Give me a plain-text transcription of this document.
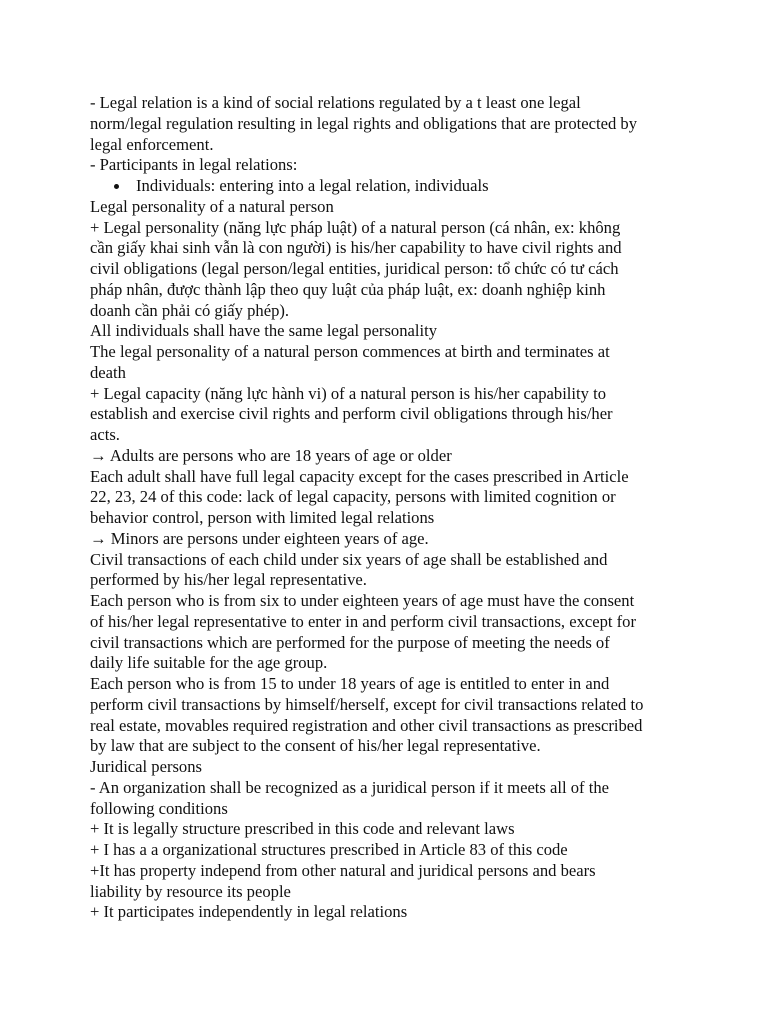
- Legal relation is a kind of social relations regulated by a t least one legal

norm/legal regulation resulting in legal rights and obligations that are protected by

legal enforcement.

- Participants in legal relations:

Individuals: entering into a legal relation, individuals

Legal personality of a natural person

+ Legal personality (năng lực pháp luật) of a natural person (cá nhân, ex: không

cần giấy khai sinh vẫn là con người) is his/her capability to have civil rights and

civil obligations (legal person/legal entities, juridical person: tổ chức có tư cách

pháp nhân, được thành lập theo quy luật của pháp luật, ex: doanh nghiệp kinh

doanh cần phải có giấy phép).

All individuals shall have the same legal personality

The legal personality of a natural person commences at birth and terminates at

death

+ Legal capacity (năng lực hành vi) of a natural person is his/her capability to

establish and exercise civil rights and perform civil obligations through his/her

acts.

→ Adults are persons who are 18 years of age or older

Each adult shall have full legal capacity except for the cases prescribed in Article

22, 23, 24 of this code: lack of legal capacity, persons with limited cognition or

behavior control, person with limited legal relations

→ Minors are persons under eighteen years of age.

Civil transactions of each child under six years of age shall be established and

performed by his/her legal representative.

Each person who is from six to under eighteen years of age must have the consent

of his/her legal representative to enter in and perform civil transactions, except for

civil transactions which are performed for the purpose of meeting the needs of

daily life suitable for the age group.

Each person who is from 15 to under 18 years of age is entitled to enter in and

perform civil transactions by himself/herself, except for civil transactions related to

real estate, movables required registration and other civil transactions as prescribed

by law that are subject to the consent of his/her legal representative.

Juridical persons

- An organization shall be recognized as a juridical person if it meets all of the

following conditions

+ It is legally structure prescribed in this code and relevant laws

+ I has a a organizational structures prescribed in Article 83 of this code

+It has property independ from other natural and juridical persons and bears

liability by resource its people

+ It participates independently in legal relations
